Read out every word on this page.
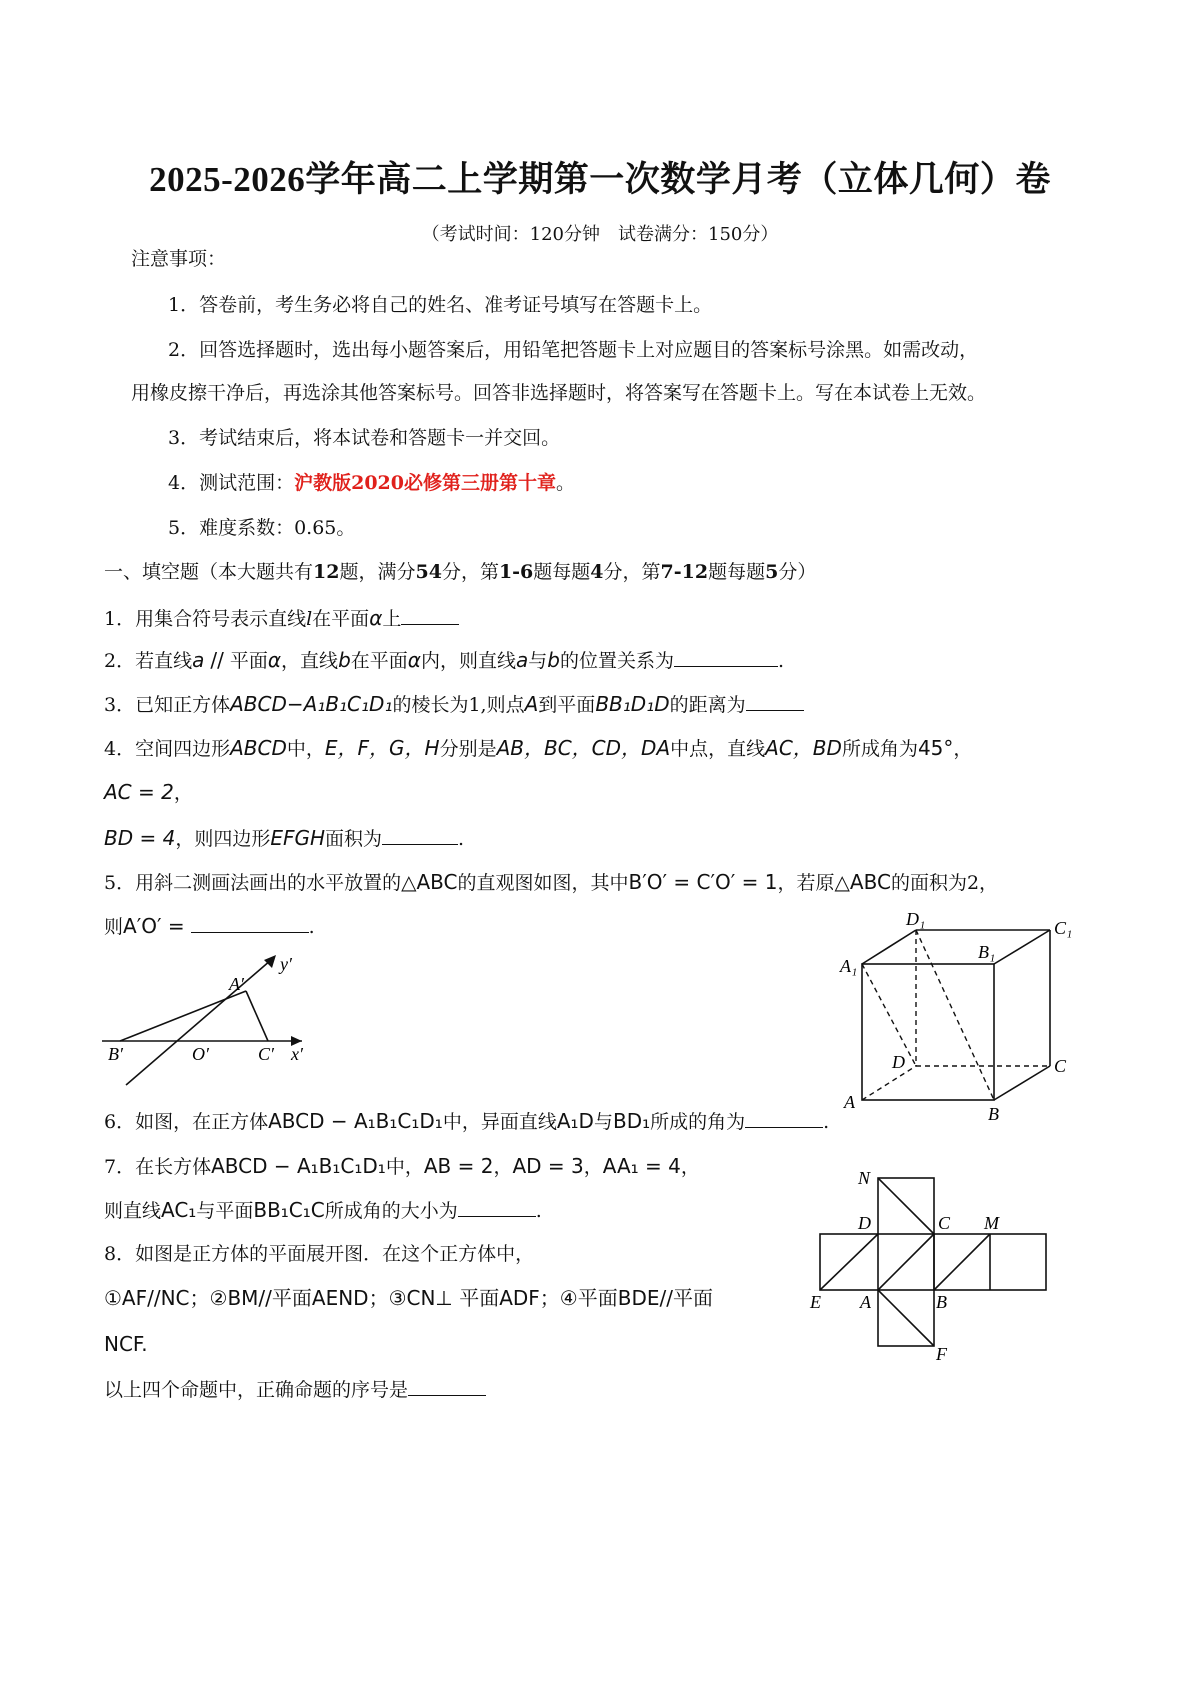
2025-2026学年高二上学期第一次数学月考（立体几何）卷
（考试时间：120分钟　试卷满分：150分）
注意事项：
1．答卷前，考生务必将自己的姓名、准考证号填写在答题卡上。
2．回答选择题时，选出每小题答案后，用铅笔把答题卡上对应题目的答案标号涂黑。如需改动，
用橡皮擦干净后，再选涂其他答案标号。回答非选择题时，将答案写在答题卡上。写在本试卷上无效。
3．考试结束后，将本试卷和答题卡一并交回。
4．测试范围：沪教版2020必修第三册第十章。
5．难度系数：0.65。
一、填空题（本大题共有12题，满分54分，第1-6题每题4分，第7-12题每题5分）
1．用集合符号表示直线l在平面α上
2．若直线a // 平面α，直线b在平面α内，则直线a与b的位置关系为	.
3．已知正方体ABCD−A₁B₁C₁D₁的棱长为1,则点A到平面BB₁D₁D的距离为
4．空间四边形ABCD中，E，F，G，H分别是AB，BC，CD，DA中点，直线AC，BD所成角为45°，
AC = 2，
BD = 4，则四边形EFGH面积为	.
5．用斜二测画法画出的水平放置的△ABC的直观图如图，其中B′O′ = C′O′ = 1，若原△ABC的面积为2，
则A′O′ =	.
y′
A′
B′	O′	C′ x′
D₁	C₁
A₁
B₁
D	C
A
B
6．如图，在正方体ABCD − A₁B₁C₁D₁中，异面直线A₁D与BD₁所成的角为	.
7．在长方体ABCD − A₁B₁C₁D₁中，AB = 2，AD = 3，AA₁ = 4，
则直线AC₁与平面BB₁C₁C所成角的大小为	.
8．如图是正方体的平面展开图．在这个正方体中，
①AF//NC；②BM//平面AEND；③CN⊥ 平面ADF；④平面BDE//平面
NCF.
以上四个命题中，正确命题的序号是
N
D	C M
E A	B
F
